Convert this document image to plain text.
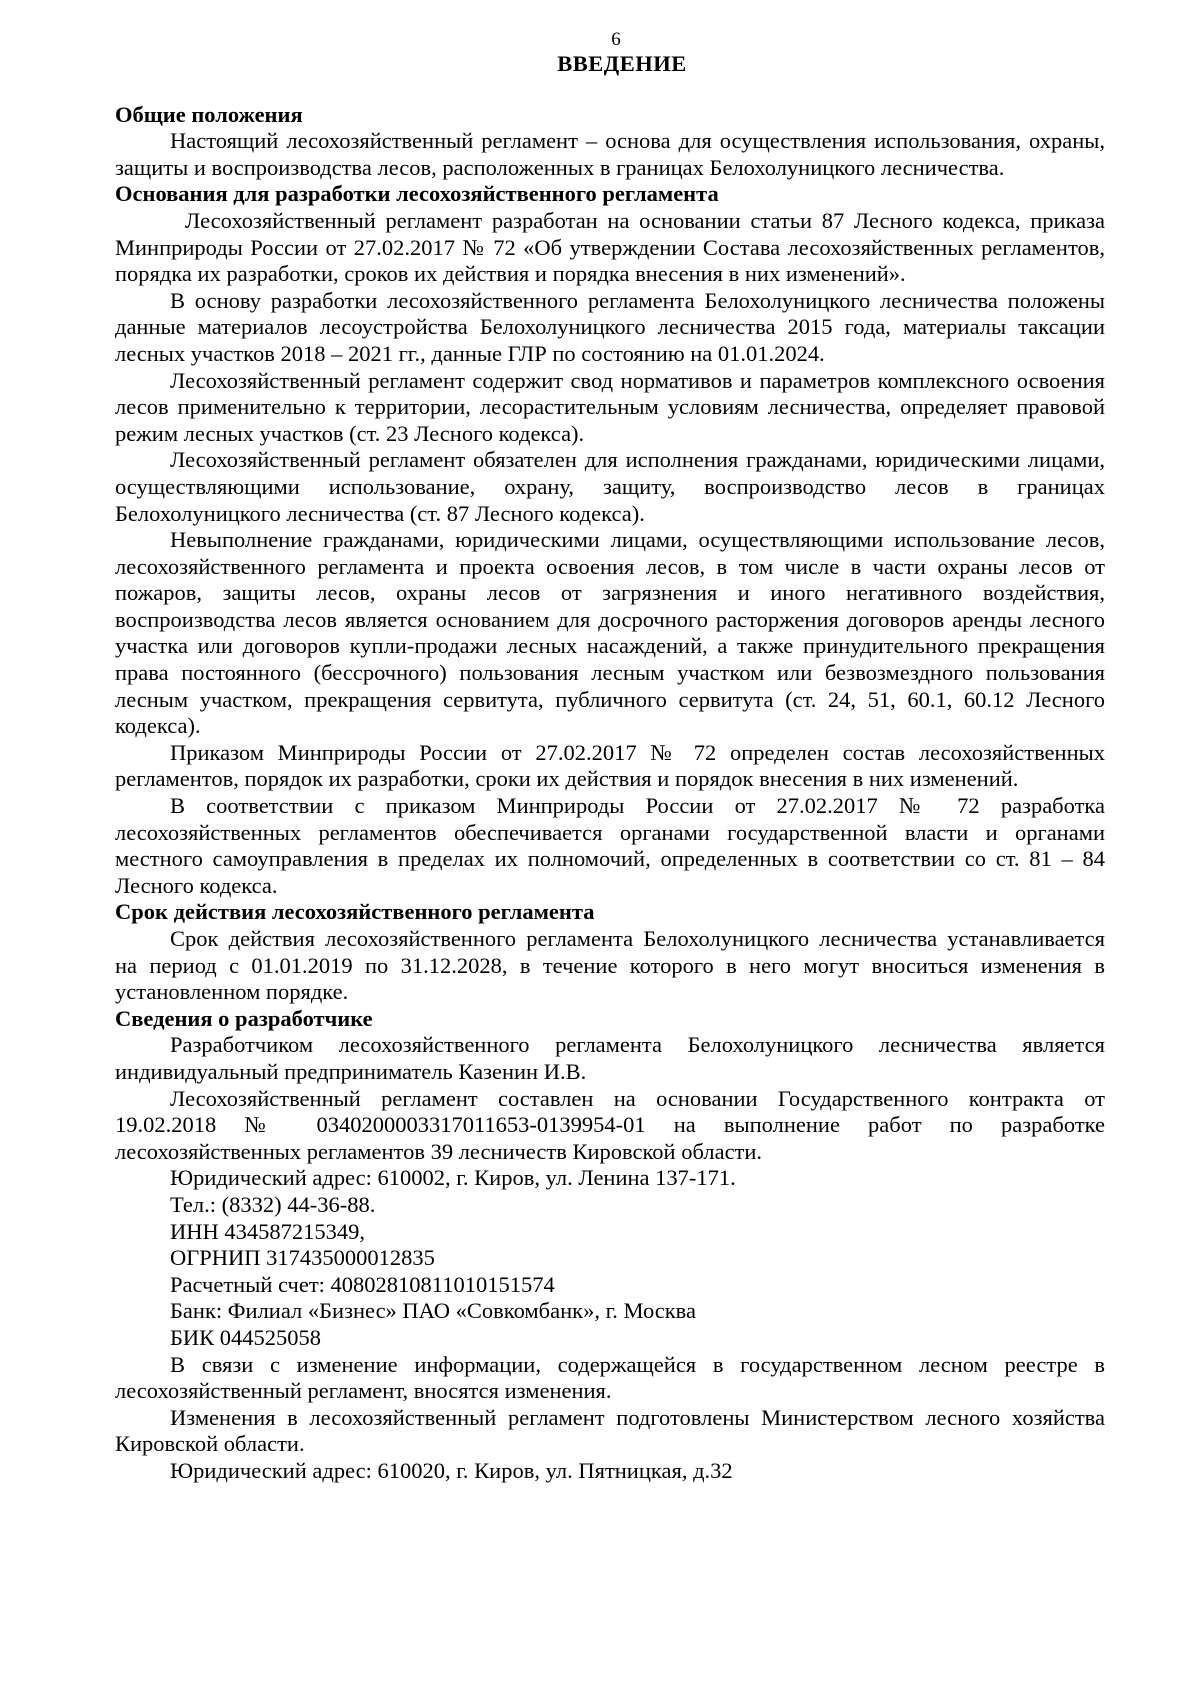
6
ВВЕДЕНИЕ
Общие положения

Настоящий лесохозяйственный регламент – основа для осуществления использования, охраны, защиты и воспроизводства лесов, расположенных в границах Белохолуницкого лесничества.

Основания для разработки лесохозяйственного регламента

Лесохозяйственный регламент разработан на основании статьи 87 Лесного кодекса, приказа Минприроды России от 27.02.2017 № 72 «Об утверждении Состава лесохозяйственных регламентов, порядка их разработки, сроков их действия и порядка внесения в них изменений».

В основу разработки лесохозяйственного регламента Белохолуницкого лесничества положены данные материалов лесоустройства Белохолуницкого лесничества 2015 года, материалы таксации лесных участков 2018 – 2021 гг., данные ГЛР по состоянию на 01.01.2024.

Лесохозяйственный регламент содержит свод нормативов и параметров комплексного освоения лесов применительно к территории, лесорастительным условиям лесничества, определяет правовой режим лесных участков (ст. 23 Лесного кодекса).

Лесохозяйственный регламент обязателен для исполнения гражданами, юридическими лицами, осуществляющими использование, охрану, защиту, воспроизводство лесов в границах Белохолуницкого лесничества (ст. 87 Лесного кодекса).

Невыполнение гражданами, юридическими лицами, осуществляющими использование лесов, лесохозяйственного регламента и проекта освоения лесов, в том числе в части охраны лесов от пожаров, защиты лесов, охраны лесов от загрязнения и иного негативного воздействия, воспроизводства лесов является основанием для досрочного расторжения договоров аренды лесного участка или договоров купли-продажи лесных насаждений, а также принудительного прекращения права постоянного (бессрочного) пользования лесным участком или безвозмездного пользования лесным участком, прекращения сервитута, публичного сервитута (ст. 24, 51, 60.1, 60.12 Лесного кодекса).

Приказом Минприроды России от 27.02.2017 № 72 определен состав лесохозяйственных регламентов, порядок их разработки, сроки их действия и порядок внесения в них изменений.

В соответствии с приказом Минприроды России от 27.02.2017 № 72 разработка лесохозяйственных регламентов обеспечивается органами государственной власти и органами местного самоуправления в пределах их полномочий, определенных в соответствии со ст. 81 – 84 Лесного кодекса.

Срок действия лесохозяйственного регламента

Срок действия лесохозяйственного регламента Белохолуницкого лесничества устанавливается на период с 01.01.2019 по 31.12.2028, в течение которого в него могут вноситься изменения в установленном порядке.

Сведения о разработчике

Разработчиком лесохозяйственного регламента Белохолуницкого лесничества является индивидуальный предприниматель Казенин И.В.

Лесохозяйственный регламент составлен на основании Государственного контракта от 19.02.2018 № 0340200003317011653-0139954-01 на выполнение работ по разработке лесохозяйственных регламентов 39 лесничеств Кировской области.

Юридический адрес: 610002, г. Киров, ул. Ленина 137-171.

Тел.: (8332) 44-36-88.

ИНН 434587215349,

ОГРНИП 317435000012835

Расчетный счет: 40802810811010151574

Банк: Филиал «Бизнес» ПАО «Совкомбанк», г. Москва

БИК 044525058

В связи с изменение информации, содержащейся в государственном лесном реестре в лесохозяйственный регламент, вносятся изменения.

Изменения в лесохозяйственный регламент подготовлены Министерством лесного хозяйства Кировской области.

Юридический адрес: 610020, г. Киров, ул. Пятницкая, д.32
